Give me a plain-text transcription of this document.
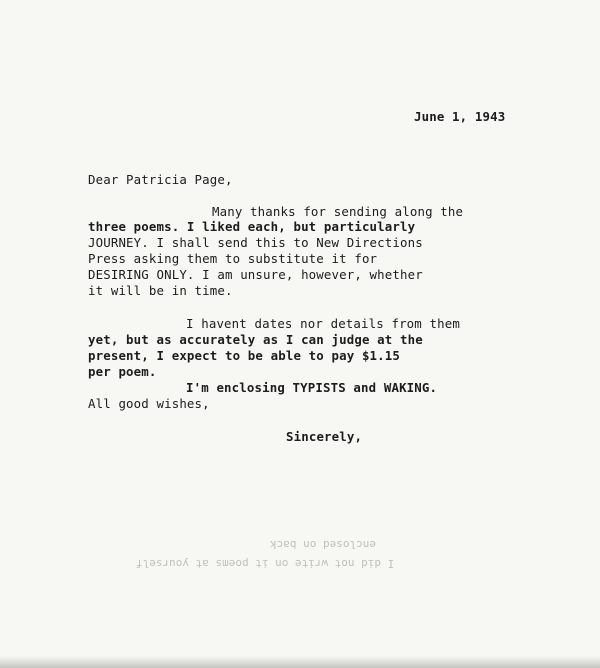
June 1, 1943
Dear Patricia Page,
Many thanks for sending along the
three poems. I liked each, but particularly
JOURNEY. I shall send this to New Directions
Press asking them to substitute it for
DESIRING ONLY. I am unsure, however, whether
it will be in time.
I havent dates nor details from them
yet, but as accurately as I can judge at the
present, I expect to be able to pay $1.15
per poem.
I'm enclosing TYPISTS and WAKING.
All good wishes,
Sincerely,
I did not write on it poems at yourself
enclosed on back
